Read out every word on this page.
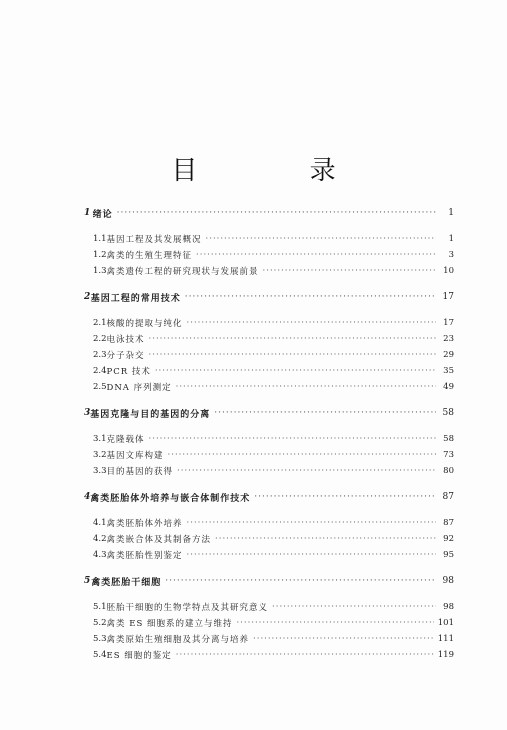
目 录
1 绪论 ·····	1
1.1 基因工程及其发展概况 ·····	1
1.2 禽类的生殖生理特征 ·····	3
1.3 禽类遗传工程的研究现状与发展前景 ·····	10
2 基因工程的常用技术 ·····	17
2.1 核酸的提取与纯化 ·····	17
2.2 电泳技术 ·····	23
2.3 分子杂交 ·····	29
2.4 PCR 技术 ·····	35
2.5 DNA 序列测定 ·····	49
3 基因克隆与目的基因的分离 ·····	58
3.1 克隆载体 ·····	58
3.2 基因文库构建 ·····	73
3.3 目的基因的获得 ·····	80
4 禽类胚胎体外培养与嵌合体制作技术 ·····	87
4.1 禽类胚胎体外培养 ·····	87
4.2 禽类嵌合体及其制备方法 ·····	92
4.3 禽类胚胎性别鉴定 ·····	95
5 禽类胚胎干细胞 ·····	98
5.1 胚胎干细胞的生物学特点及其研究意义 ·····	98
5.2 禽类 ES 细胞系的建立与维持 ·····	101
5.3 禽类原始生殖细胞及其分离与培养 ·····	111
5.4 ES 细胞的鉴定 ·····	119
